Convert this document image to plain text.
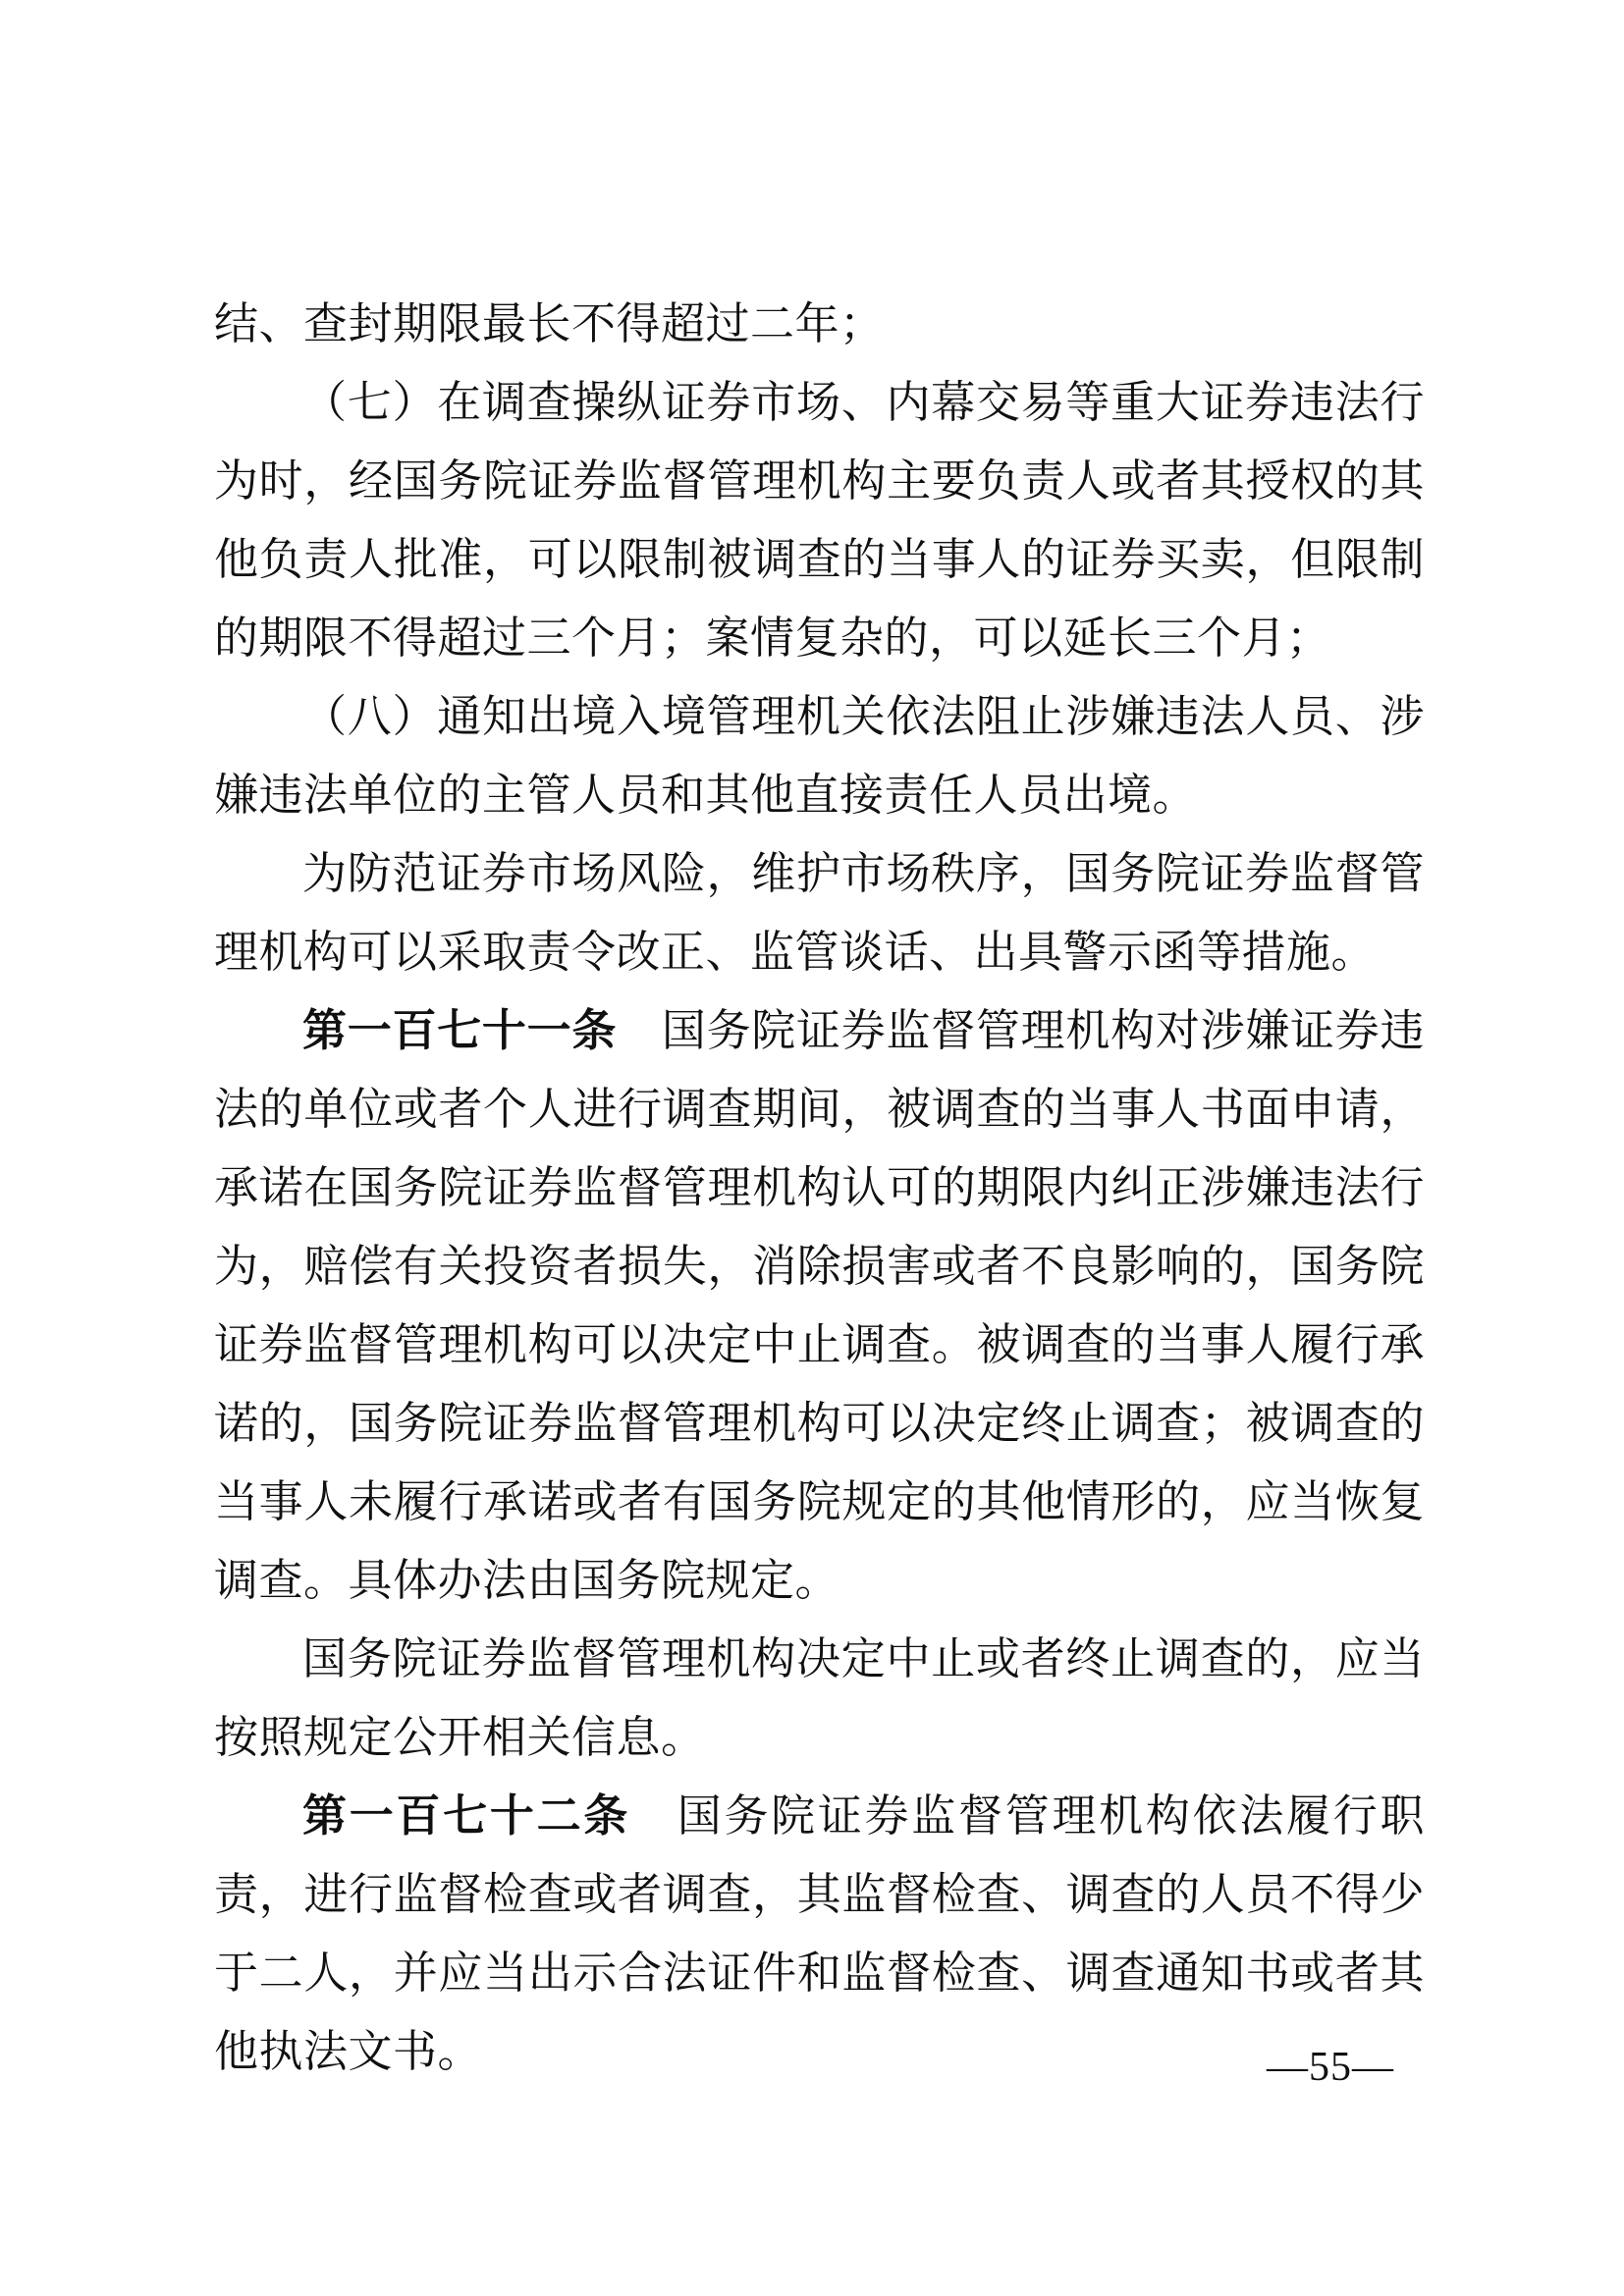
结、查封期限最长不得超过二年；

（七）在调查操纵证券市场、内幕交易等重大证券违法行为时，经国务院证券监督管理机构主要负责人或者其授权的其他负责人批准，可以限制被调查的当事人的证券买卖，但限制的期限不得超过三个月；案情复杂的，可以延长三个月；

（八）通知出境入境管理机关依法阻止涉嫌违法人员、涉嫌违法单位的主管人员和其他直接责任人员出境。

为防范证券市场风险，维护市场秩序，国务院证券监督管理机构可以采取责令改正、监管谈话、出具警示函等措施。

第一百七十一条　国务院证券监督管理机构对涉嫌证券违法的单位或者个人进行调查期间，被调查的当事人书面申请，承诺在国务院证券监督管理机构认可的期限内纠正涉嫌违法行为，赔偿有关投资者损失，消除损害或者不良影响的，国务院证券监督管理机构可以决定中止调查。被调查的当事人履行承诺的，国务院证券监督管理机构可以决定终止调查；被调查的当事人未履行承诺或者有国务院规定的其他情形的，应当恢复调查。具体办法由国务院规定。

国务院证券监督管理机构决定中止或者终止调查的，应当按照规定公开相关信息。

第一百七十二条　国务院证券监督管理机构依法履行职责，进行监督检查或者调查，其监督检查、调查的人员不得少于二人，并应当出示合法证件和监督检查、调查通知书或者其他执法文书。	—55—
